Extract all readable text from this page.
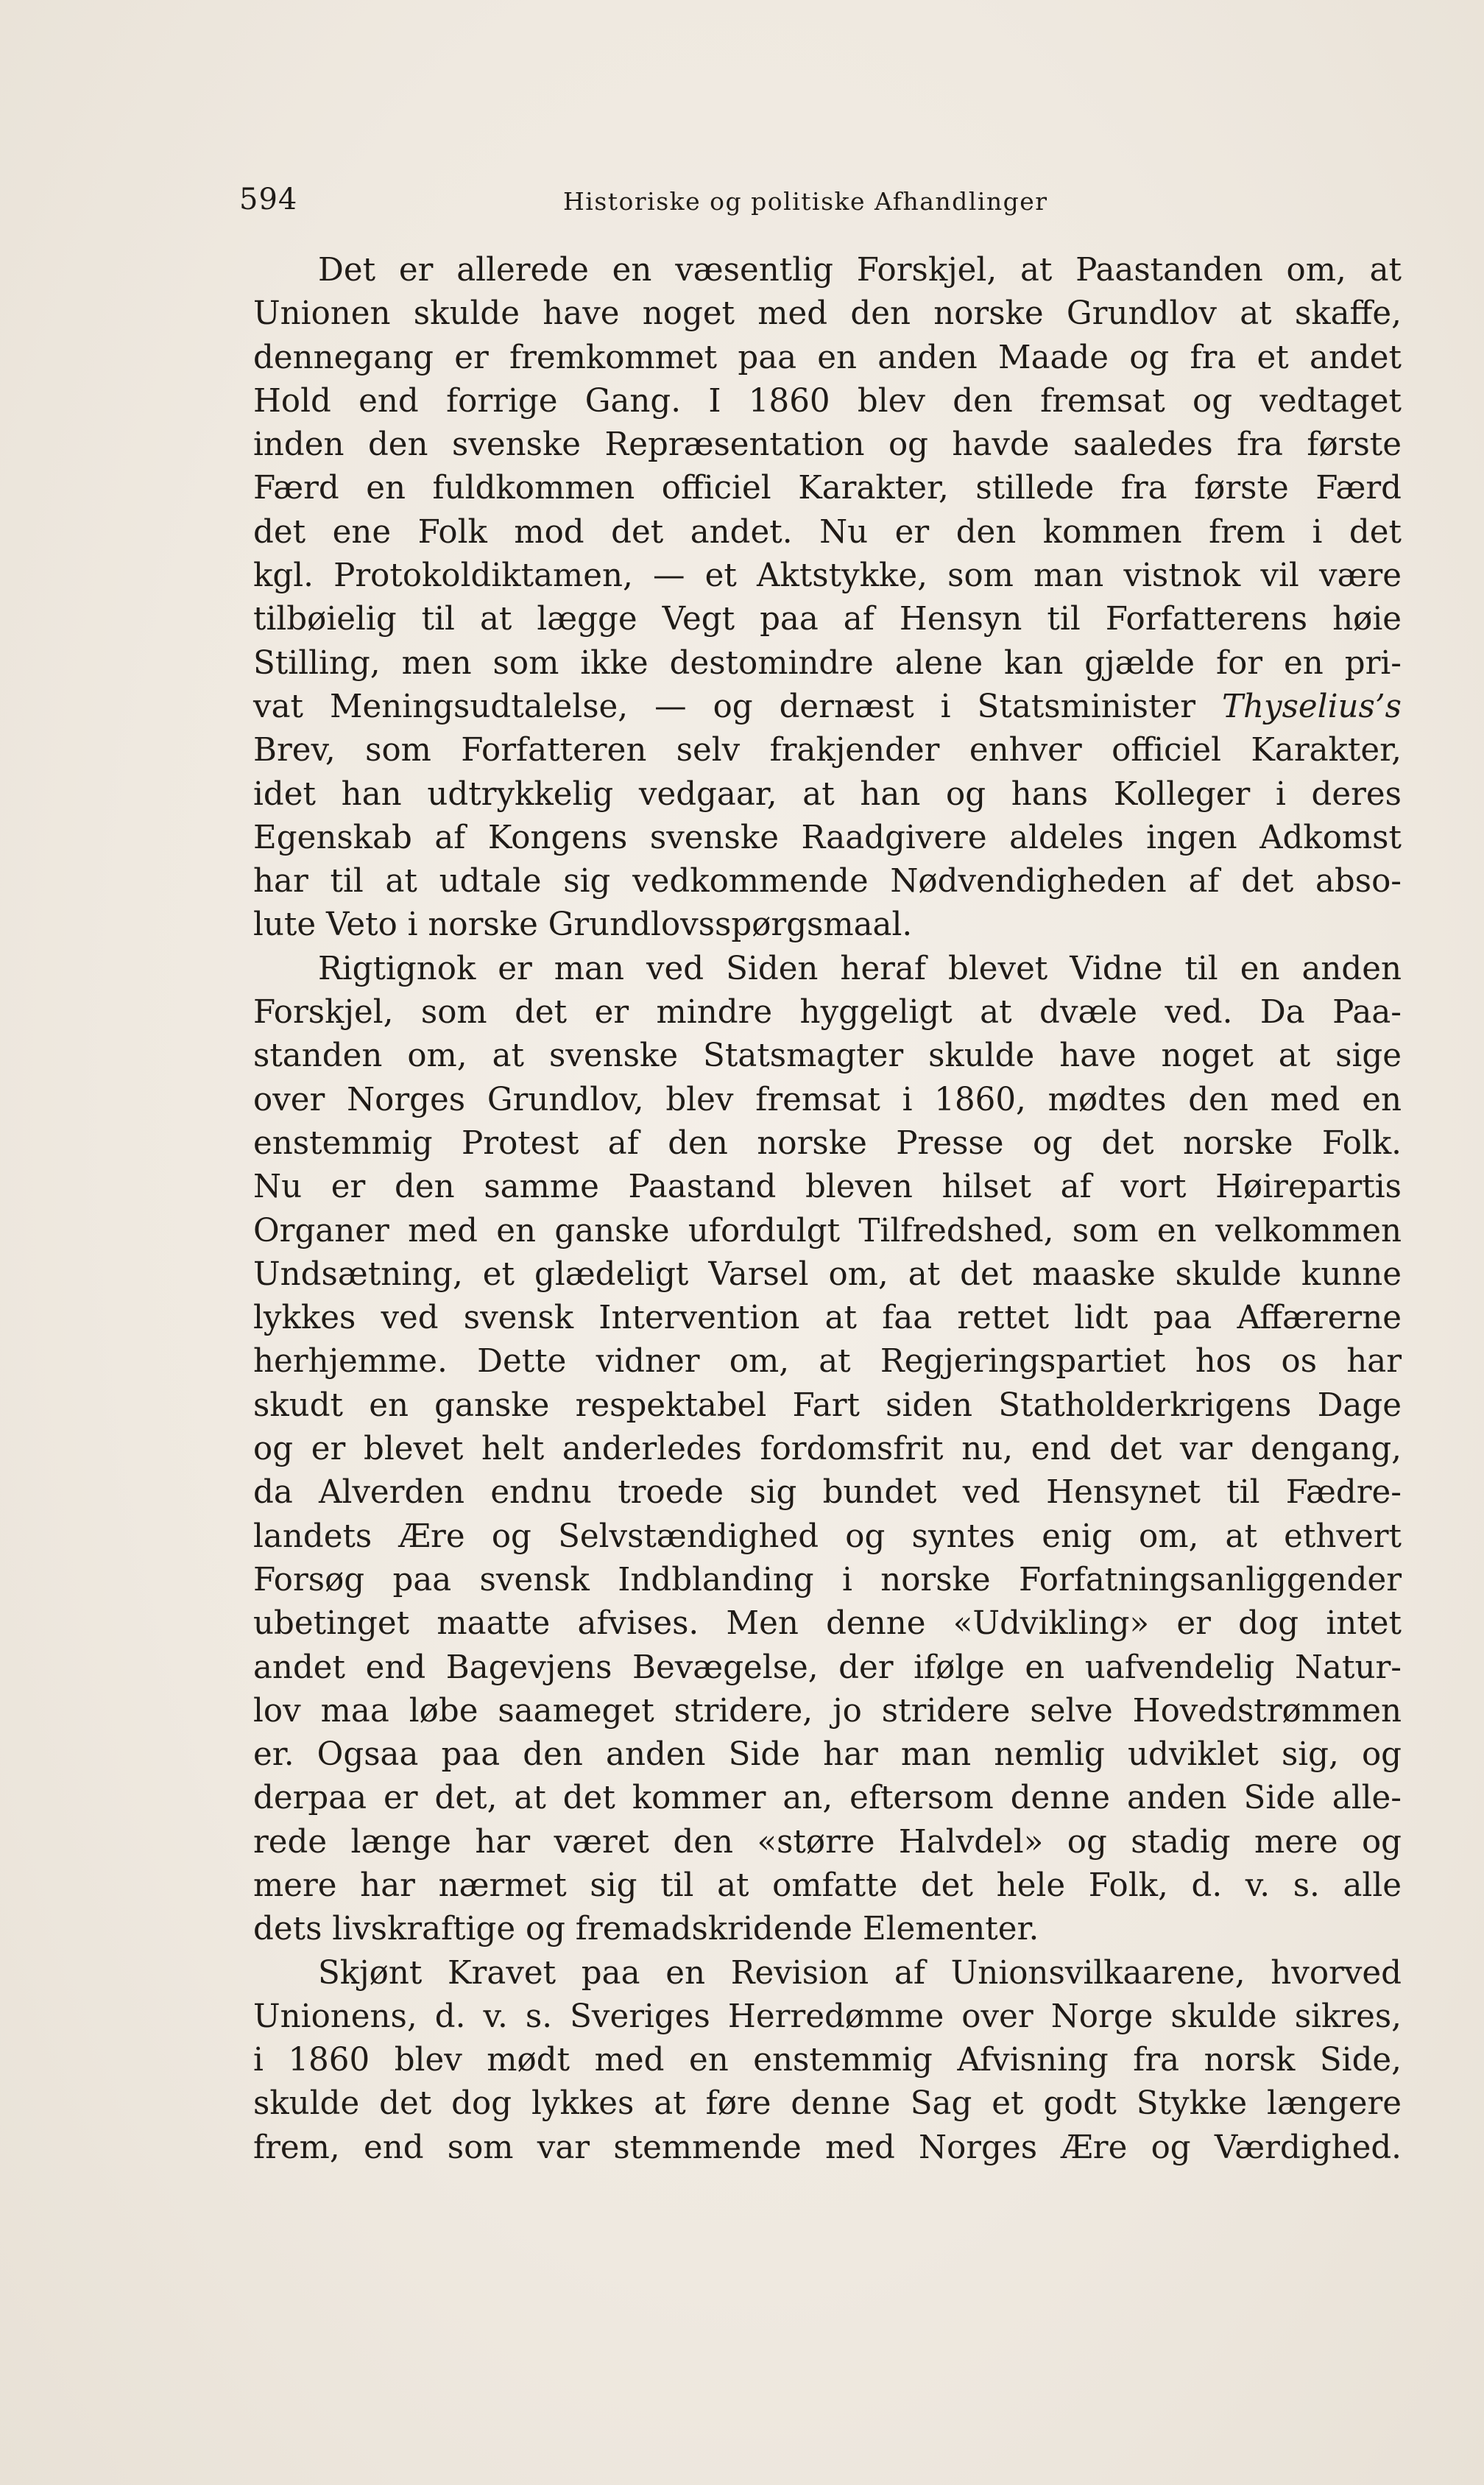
594	Historiske og politiske Afhandlinger
Det er allerede en væsentlig Forskjel, at Paastanden om, at
Unionen skulde have noget med den norske Grundlov at skaffe,
dennegang er fremkommet paa en anden Maade og fra et andet
Hold end forrige Gang. I 1860 blev den fremsat og vedtaget
inden den svenske Repræsentation og havde saaledes fra første
Færd en fuldkommen officiel Karakter, stillede fra første Færd
det ene Folk mod det andet. Nu er den kommen frem i det
kgl. Protokoldiktamen, — et Aktstykke, som man vistnok vil være
tilbøielig til at lægge Vegt paa af Hensyn til Forfatterens høie
Stilling, men som ikke destomindre alene kan gjælde for en pri-
vat Meningsudtalelse, — og dernæst i Statsminister Thyselius’s
Brev, som Forfatteren selv frakjender enhver officiel Karakter,
idet han udtrykkelig vedgaar, at han og hans Kolleger i deres
Egenskab af Kongens svenske Raadgivere aldeles ingen Adkomst
har til at udtale sig vedkommende Nødvendigheden af det abso-
lute Veto i norske Grundlovsspørgsmaal.
Rigtignok er man ved Siden heraf blevet Vidne til en anden
Forskjel, som det er mindre hyggeligt at dvæle ved. Da Paa-
standen om, at svenske Statsmagter skulde have noget at sige
over Norges Grundlov, blev fremsat i 1860, mødtes den med en
enstemmig Protest af den norske Presse og det norske Folk.
Nu er den samme Paastand bleven hilset af vort Høirepartis
Organer med en ganske ufordulgt Tilfredshed, som en velkommen
Undsætning, et glædeligt Varsel om, at det maaske skulde kunne
lykkes ved svensk Intervention at faa rettet lidt paa Affærerne
herhjemme. Dette vidner om, at Regjeringspartiet hos os har
skudt en ganske respektabel Fart siden Statholderkrigens Dage
og er blevet helt anderledes fordomsfrit nu, end det var dengang,
da Alverden endnu troede sig bundet ved Hensynet til Fædre-
landets Ære og Selvstændighed og syntes enig om, at ethvert
Forsøg paa svensk Indblanding i norske Forfatningsanliggender
ubetinget maatte afvises. Men denne «Udvikling» er dog intet
andet end Bagevjens Bevægelse, der ifølge en uafvendelig Natur-
lov maa løbe saameget stridere, jo stridere selve Hovedstrømmen
er. Ogsaa paa den anden Side har man nemlig udviklet sig, og
derpaa er det, at det kommer an, eftersom denne anden Side alle-
rede længe har været den «større Halvdel» og stadig mere og
mere har nærmet sig til at omfatte det hele Folk, d. v. s. alle
dets livskraftige og fremadskridende Elementer.
Skjønt Kravet paa en Revision af Unionsvilkaarene, hvorved
Unionens, d. v. s. Sveriges Herredømme over Norge skulde sikres,
i 1860 blev mødt med en enstemmig Afvisning fra norsk Side,
skulde det dog lykkes at føre denne Sag et godt Stykke længere
frem, end som var stemmende med Norges Ære og Værdighed.
